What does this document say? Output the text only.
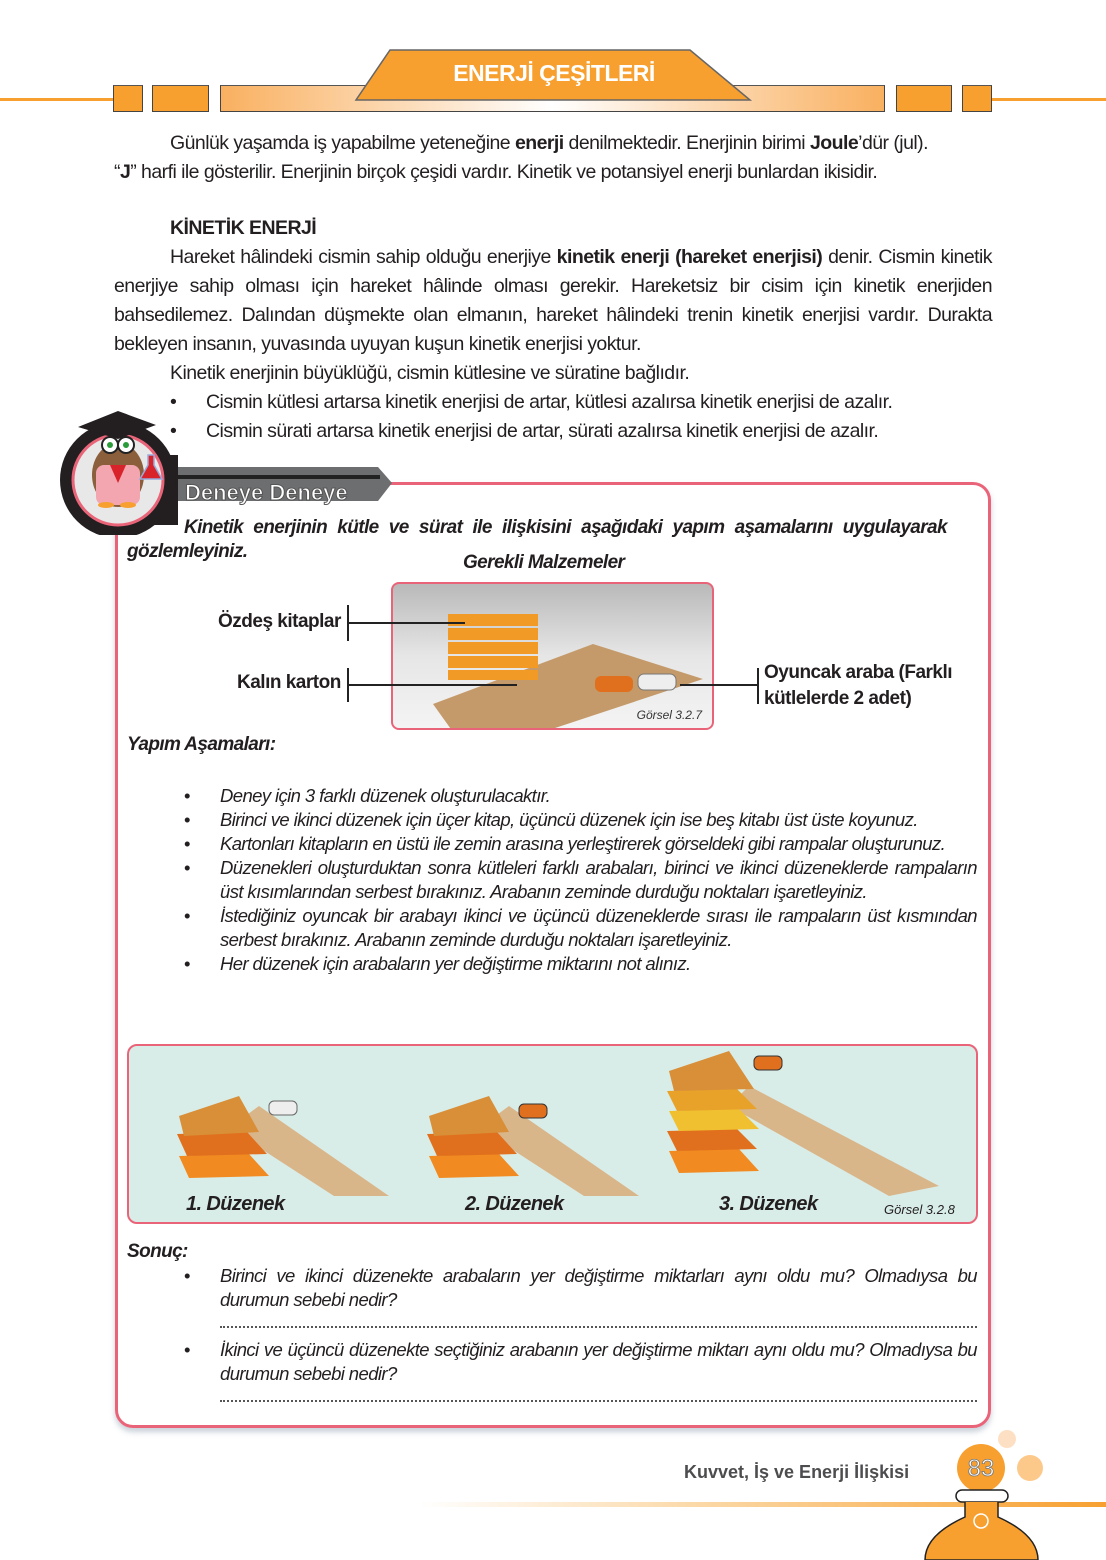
ENERJİ ÇEŞİTLERİ
Günlük yaşamda iş yapabilme yeteneğine enerji denilmektedir. Enerjinin birimi Joule’dür (jul).
“J” harfi ile gösterilir. Enerjinin birçok çeşidi vardır. Kinetik ve potansiyel enerji bunlardan ikisidir.
KİNETİK ENERJİ
Hareket hâlindeki cismin sahip olduğu enerjiye kinetik enerji (hareket enerjisi) denir. Cismin kinetik enerjiye sahip olması için hareket hâlinde olması gerekir. Hareketsiz bir cisim için kinetik enerjiden bahsedilemez. Dalından düşmekte olan elmanın, hareket hâlindeki trenin kinetik enerjisi vardır. Durakta bekleyen insanın, yuvasında uyuyan kuşun kinetik enerjisi yoktur.
Kinetik enerjinin büyüklüğü, cismin kütlesine ve süratine bağlıdır.
• Cismin kütlesi artarsa kinetik enerjisi de artar, kütlesi azalırsa kinetik enerjisi de azalır.
• Cismin sürati artarsa kinetik enerjisi de artar, sürati azalırsa kinetik enerjisi de azalır.
Deneye Deneye
Kinetik enerjinin kütle ve sürat ile ilişkisini aşağıdaki yapım aşamalarını uygulayarak gözlemleyiniz.
Gerekli Malzemeler
Görsel 3.2.7
Özdeş kitaplar
Kalın karton	Oyuncak araba (Farklı kütlelerde 2 adet)
Yapım Aşamaları:
• Deney için 3 farklı düzenek oluşturulacaktır.
• Birinci ve ikinci düzenek için üçer kitap, üçüncü düzenek için ise beş kitabı üst üste koyunuz.
• Kartonları kitapların en üstü ile zemin arasına yerleştirerek görseldeki gibi rampalar oluşturunuz.
• Düzenekleri oluşturduktan sonra kütleleri farklı arabaları, birinci ve ikinci düzeneklerde rampaların üst kısımlarından serbest bırakınız. Arabanın zeminde durduğu noktaları işaretleyiniz.
• İstediğiniz oyuncak bir arabayı ikinci ve üçüncü düzeneklerde sırası ile rampaların üst kısmından serbest bırakınız. Arabanın zeminde durduğu noktaları işaretleyiniz.
• Her düzenek için arabaların yer değiştirme miktarını not alınız.
1. Düzenek	2. Düzenek	3. Düzenek	Görsel 3.2.8
Sonuç:
• Birinci ve ikinci düzenekte arabaların yer değiştirme miktarları aynı oldu mu? Olmadıysa bu durumun sebebi nedir?
• İkinci ve üçüncü düzenekte seçtiğiniz arabanın yer değiştirme miktarı aynı oldu mu? Olmadıysa bu durumun sebebi nedir?
Kuvvet, İş ve Enerji İlişkisi	83
